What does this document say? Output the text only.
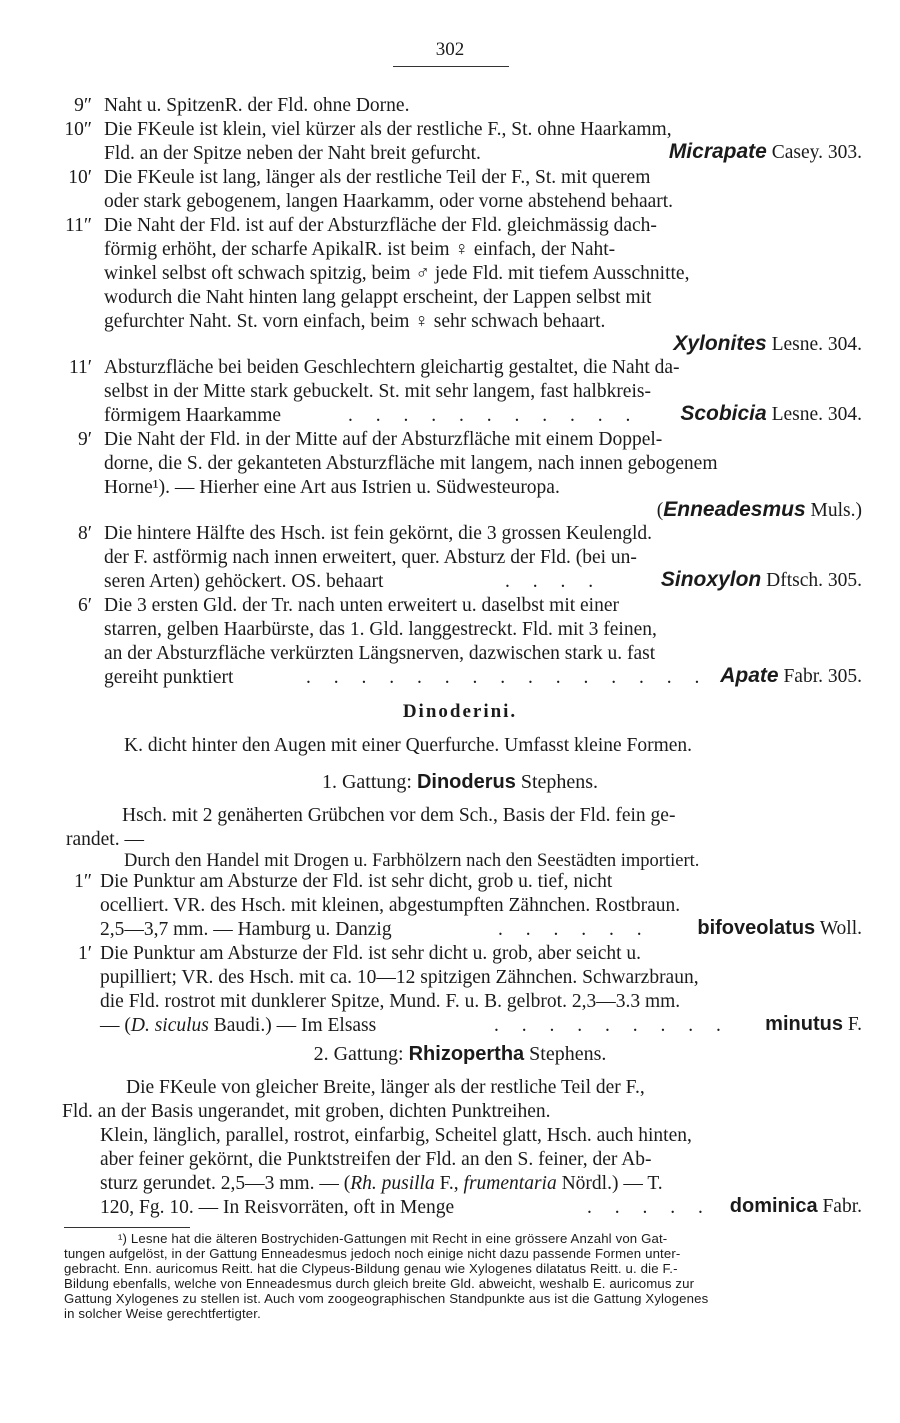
302
9″ Naht u. SpitzenR. der Fld. ohne Dorne.
10″ Die FKeule ist klein, viel kürzer als der restliche F., St. ohne Haarkamm,
Fld. an der Spitze neben der Naht breit gefurcht.	Micrapate Casey. 303.
10′ Die FKeule ist lang, länger als der restliche Teil der F., St. mit querem
oder stark gebogenem, langen Haarkamm, oder vorne abstehend behaart.
11″ Die Naht der Fld. ist auf der Absturzfläche der Fld. gleichmässig dach-
förmig erhöht, der scharfe ApikalR. ist beim ♀ einfach, der Naht-
winkel selbst oft schwach spitzig, beim ♂ jede Fld. mit tiefem Ausschnitte,
wodurch die Naht hinten lang gelappt erscheint, der Lappen selbst mit
gefurchter Naht. St. vorn einfach, beim ♀ sehr schwach behaart.
Xylonites Lesne. 304.
11′ Absturzfläche bei beiden Geschlechtern gleichartig gestaltet, die Naht da-
selbst in der Mitte stark gebuckelt. St. mit sehr langem, fast halbkreis-
förmigem Haarkamme	. . . . . . . . . . . Scobicia Lesne. 304.
9′ Die Naht der Fld. in der Mitte auf der Absturzfläche mit einem Doppel-
dorne, die S. der gekanteten Absturzfläche mit langem, nach innen gebogenem
Horne¹). — Hierher eine Art aus Istrien u. Südwesteuropa.
(Enneadesmus Muls.)
8′ Die hintere Hälfte des Hsch. ist fein gekörnt, die 3 grossen Keulengld.
der F. astförmig nach innen erweitert, quer. Absturz der Fld. (bei un-
seren Arten) gehöckert. OS. behaart	. . . .	Sinoxylon Dftsch. 305.
6′ Die 3 ersten Gld. der Tr. nach unten erweitert u. daselbst mit einer
starren, gelben Haarbürste, das 1. Gld. langgestreckt. Fld. mit 3 feinen,
an der Absturzfläche verkürzten Längsnerven, dazwischen stark u. fast
gereiht punktiert	. . . . . . . . . . . . . . . Apate Fabr. 305.
Dinoderini.
K. dicht hinter den Augen mit einer Querfurche. Umfasst kleine Formen.
1. Gattung: Dinoderus Stephens.
Hsch. mit 2 genäherten Grübchen vor dem Sch., Basis der Fld. fein ge-
randet. —
Durch den Handel mit Drogen u. Farbhölzern nach den Seestädten importiert.
1″ Die Punktur am Absturze der Fld. ist sehr dicht, grob u. tief, nicht
ocelliert. VR. des Hsch. mit kleinen, abgestumpften Zähnchen. Rostbraun.
2,5—3,7 mm. — Hamburg u. Danzig	. . . . . . bifoveolatus Woll.
1′ Die Punktur am Absturze der Fld. ist sehr dicht u. grob, aber seicht u.
pupilliert; VR. des Hsch. mit ca. 10—12 spitzigen Zähnchen. Schwarzbraun,
die Fld. rostrot mit dunklerer Spitze, Mund. F. u. B. gelbrot. 2,3—3.3 mm.
— (D. siculus Baudi.) — Im Elsass	. . . . . . . . . minutus F.
2. Gattung: Rhizopertha Stephens.
Die FKeule von gleicher Breite, länger als der restliche Teil der F.,
Fld. an der Basis ungerandet, mit groben, dichten Punktreihen.
Klein, länglich, parallel, rostrot, einfarbig, Scheitel glatt, Hsch. auch hinten,
aber feiner gekörnt, die Punktstreifen der Fld. an den S. feiner, der Ab-
sturz gerundet. 2,5—3 mm. — (Rh. pusilla F., frumentaria Nördl.) — T.
120, Fg. 10. — In Reisvorräten, oft in Menge	. . . . . dominica Fabr.
¹) Lesne hat die älteren Bostrychiden-Gattungen mit Recht in eine grössere Anzahl von Gat-
tungen aufgelöst, in der Gattung Enneadesmus jedoch noch einige nicht dazu passende Formen unter-
gebracht. Enn. auricomus Reitt. hat die Clypeus-Bildung genau wie Xylogenes dilatatus Reitt. u. die F.-
Bildung ebenfalls, welche von Enneadesmus durch gleich breite Gld. abweicht, weshalb E. auricomus zur
Gattung Xylogenes zu stellen ist. Auch vom zoogeographischen Standpunkte aus ist die Gattung Xylogenes
in solcher Weise gerechtfertigter.
